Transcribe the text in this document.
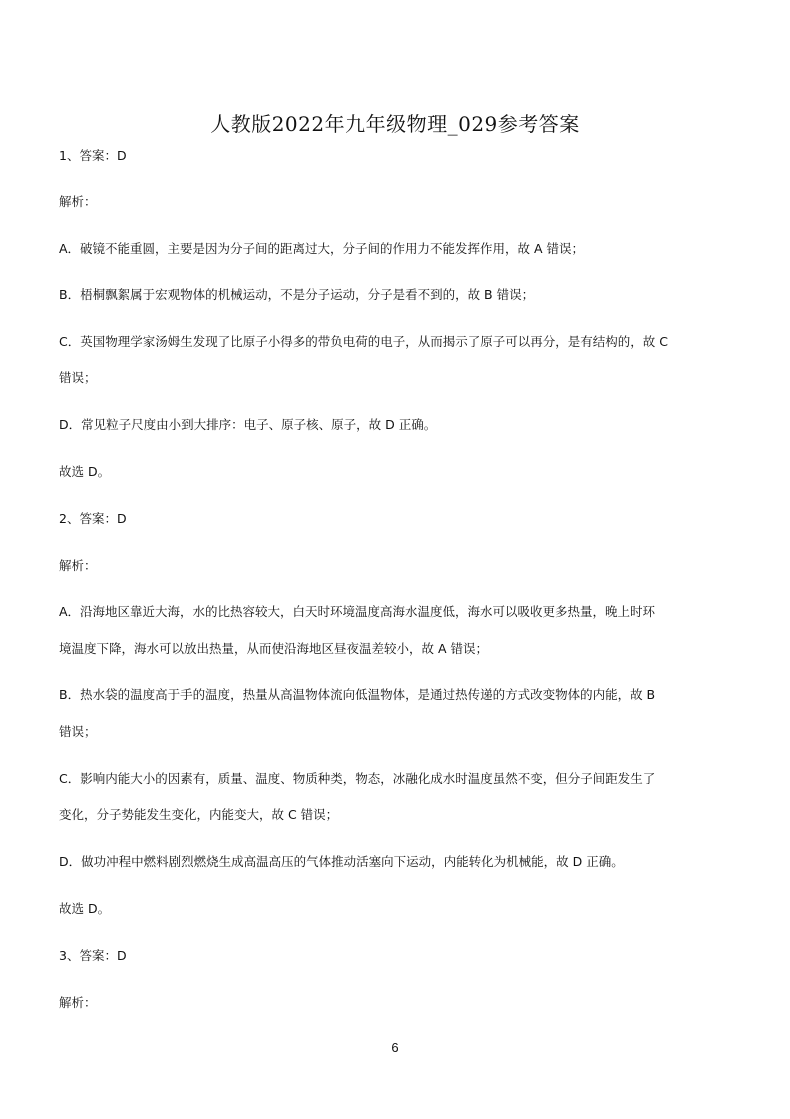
人教版2022年九年级物理_029参考答案
1、答案：D
解析：
A．破镜不能重圆，主要是因为分子间的距离过大，分子间的作用力不能发挥作用，故 A 错误；
B．梧桐飘絮属于宏观物体的机械运动，不是分子运动，分子是看不到的，故 B 错误；
C．英国物理学家汤姆生发现了比原子小得多的带负电荷的电子，从而揭示了原子可以再分，是有结构的，故 C
错误；
D．常见粒子尺度由小到大排序：电子、原子核、原子，故 D 正确。
故选 D。
2、答案：D
解析：
A．沿海地区靠近大海，水的比热容较大，白天时环境温度高海水温度低，海水可以吸收更多热量，晚上时环
境温度下降，海水可以放出热量，从而使沿海地区昼夜温差较小，故 A 错误；
B．热水袋的温度高于手的温度，热量从高温物体流向低温物体，是通过热传递的方式改变物体的内能，故 B
错误；
C．影响内能大小的因素有，质量、温度、物质种类，物态，冰融化成水时温度虽然不变，但分子间距发生了
变化，分子势能发生变化，内能变大，故 C 错误；
D．做功冲程中燃料剧烈燃烧生成高温高压的气体推动活塞向下运动，内能转化为机械能，故 D 正确。
故选 D。
3、答案：D
解析：
6
